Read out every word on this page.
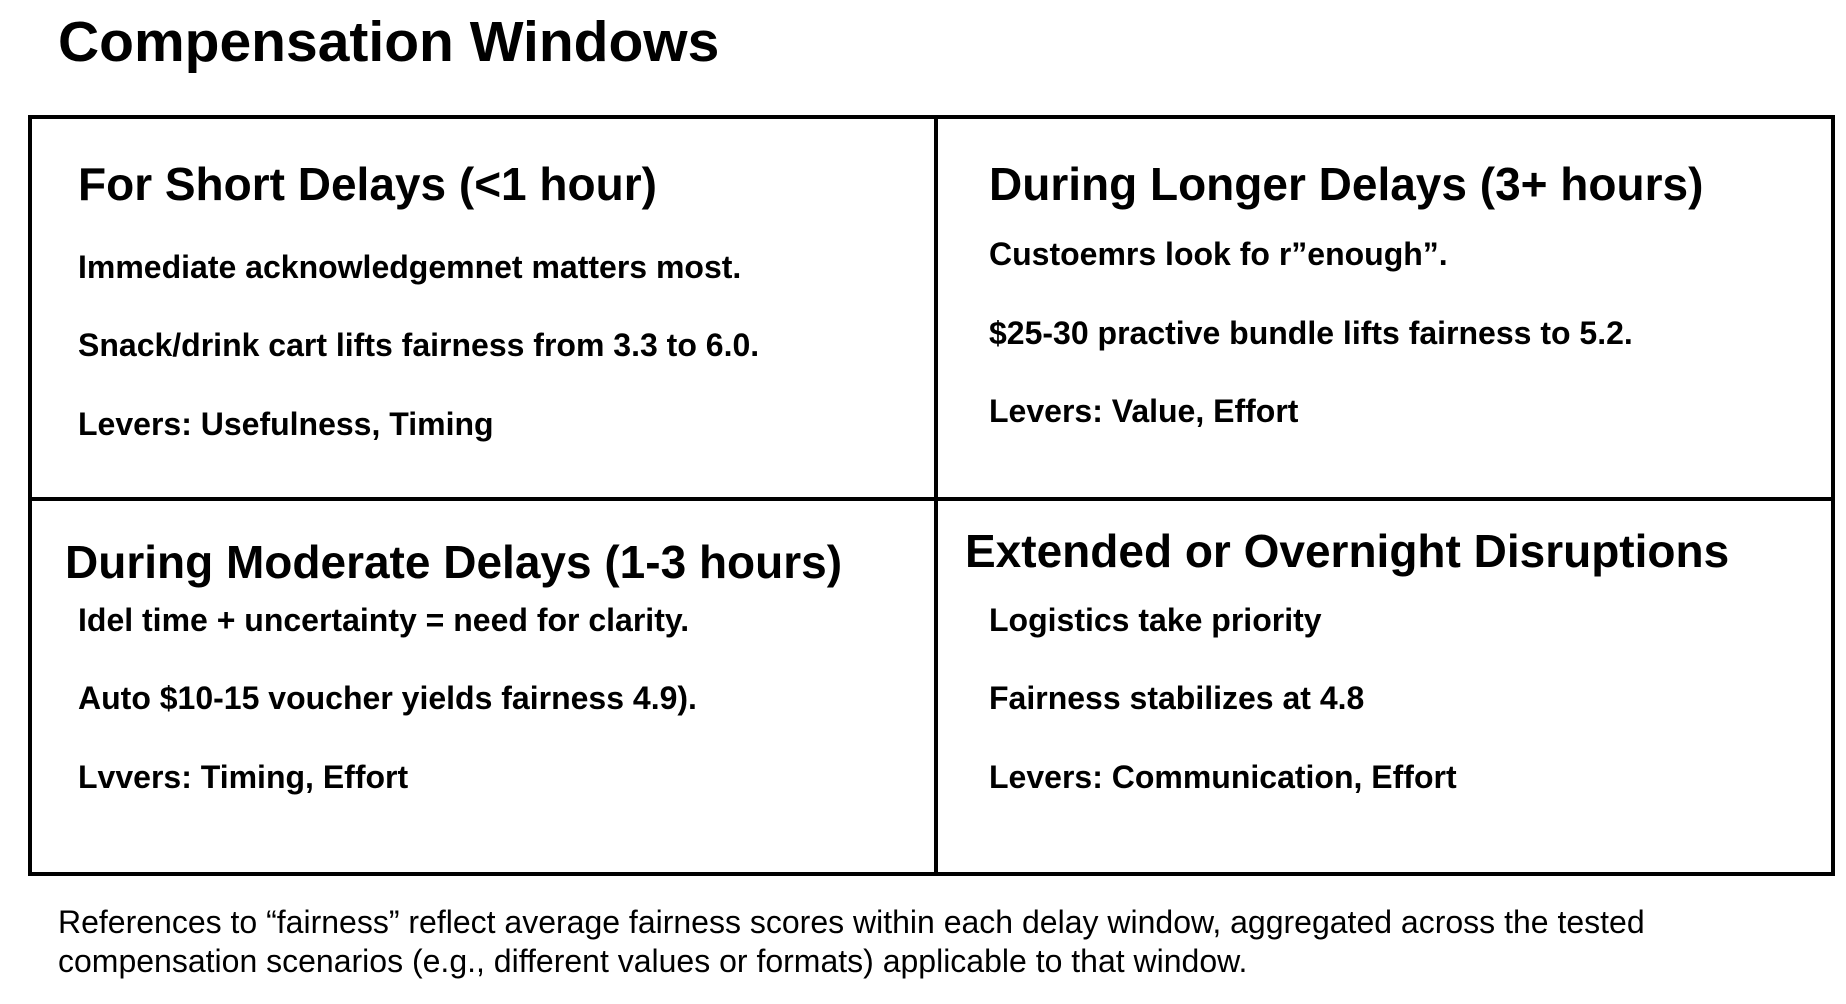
Compensation Windows
For Short Delays (<1 hour)
Immediate acknowledgemnet matters most.
Snack/drink cart lifts fairness from 3.3 to 6.0.
Levers: Usefulness, Timing
During Longer Delays (3+ hours)
Custoemrs look fo r”enough”.
$25-30 practive bundle lifts fairness to 5.2.
Levers: Value, Effort
During Moderate Delays (1-3 hours)
Idel time + uncertainty = need for clarity.
Auto $10-15 voucher yields fairness 4.9).
Lvvers: Timing, Effort
Extended or Overnight Disruptions
Logistics take priority
Fairness stabilizes at 4.8
Levers: Communication, Effort
References to “fairness” reflect average fairness scores within each delay window, aggregated across the tested compensation scenarios (e.g., different values or formats) applicable to that window.
